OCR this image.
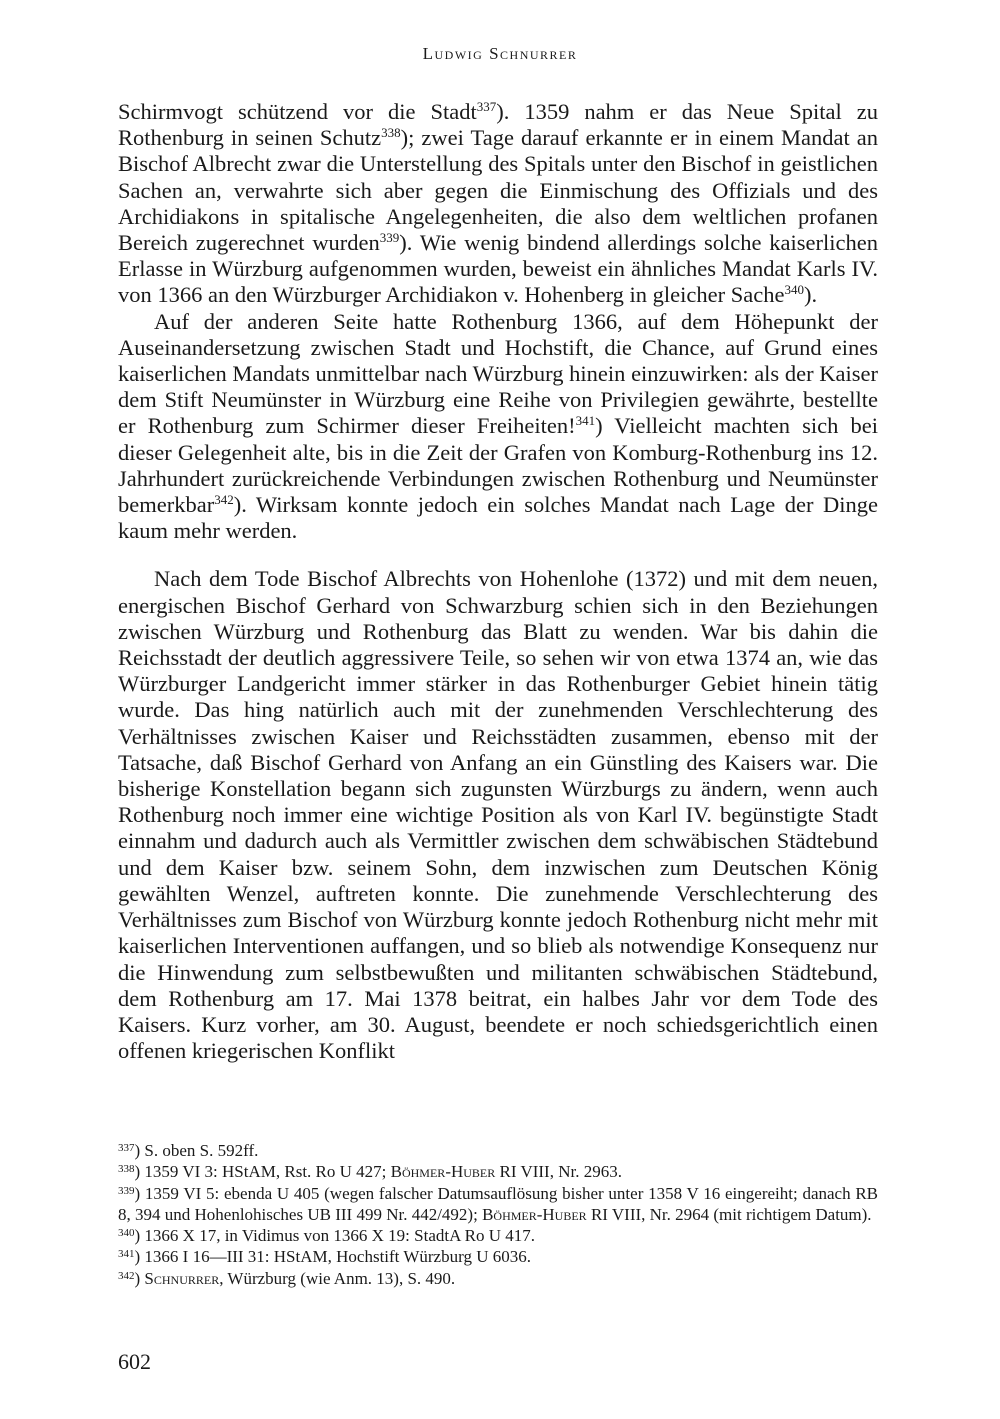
Ludwig Schnurrer

Schirmvogt schützend vor die Stadt$^{337}$). 1359 nahm er das Neue Spital zu Rothenburg in seinen Schutz$^{338}$); zwei Tage darauf erkannte er in einem Mandat an Bischof Albrecht zwar die Unterstellung des Spitals unter den Bischof in geistlichen Sachen an, verwahrte sich aber gegen die Einmischung des Offizials und des Archidiakons in spitalische Angelegenheiten, die also dem weltlichen profanen Bereich zugerechnet wurden$^{339}$). Wie wenig bindend allerdings solche kaiserlichen Erlasse in Würzburg aufgenommen wurden, beweist ein ähnliches Mandat Karls IV. von 1366 an den Würzburger Archidiakon v. Hohenberg in gleicher Sache$^{340}$).

Auf der anderen Seite hatte Rothenburg 1366, auf dem Höhepunkt der Auseinandersetzung zwischen Stadt und Hochstift, die Chance, auf Grund eines kaiserlichen Mandats unmittelbar nach Würzburg hinein einzuwirken: als der Kaiser dem Stift Neumünster in Würzburg eine Reihe von Privilegien gewährte, bestellte er Rothenburg zum Schirmer dieser Freiheiten!$^{341}$) Vielleicht machten sich bei dieser Gelegenheit alte, bis in die Zeit der Grafen von Komburg-Rothenburg ins 12. Jahrhundert zurückreichende Verbindungen zwischen Rothenburg und Neumünster bemerkbar$^{342}$). Wirksam konnte jedoch ein solches Mandat nach Lage der Dinge kaum mehr werden.

Nach dem Tode Bischof Albrechts von Hohenlohe (1372) und mit dem neuen, energischen Bischof Gerhard von Schwarzburg schien sich in den Beziehungen zwischen Würzburg und Rothenburg das Blatt zu wenden. War bis dahin die Reichsstadt der deutlich aggressivere Teile, so sehen wir von etwa 1374 an, wie das Würzburger Landgericht immer stärker in das Rothenburger Gebiet hinein tätig wurde. Das hing natürlich auch mit der zunehmenden Verschlechterung des Verhältnisses zwischen Kaiser und Reichsstädten zusammen, ebenso mit der Tatsache, daß Bischof Gerhard von Anfang an ein Günstling des Kaisers war. Die bisherige Konstellation begann sich zugunsten Würzburgs zu ändern, wenn auch Rothenburg noch immer eine wichtige Position als von Karl IV. begünstigte Stadt einnahm und dadurch auch als Vermittler zwischen dem schwäbischen Städtebund und dem Kaiser bzw. seinem Sohn, dem inzwischen zum Deutschen König gewählten Wenzel, auftreten konnte. Die zunehmende Verschlechterung des Verhältnisses zum Bischof von Würzburg konnte jedoch Rothenburg nicht mehr mit kaiserlichen Interventionen auffangen, und so blieb als notwendige Konsequenz nur die Hinwendung zum selbstbewußten und militanten schwäbischen Städtebund, dem Rothenburg am 17. Mai 1378 beitrat, ein halbes Jahr vor dem Tode des Kaisers. Kurz vorher, am 30. August, beendete er noch schiedsgerichtlich einen offenen kriegerischen Konflikt

$^{337}$) S. oben S. 592ff.

$^{338}$) 1359 VI 3: HStAM, Rst. Ro U 427; Böhmer-Huber RI VIII, Nr. 2963.

$^{339}$) 1359 VI 5: ebenda U 405 (wegen falscher Datumsauflösung bisher unter 1358 V 16 eingereiht; danach RB 8, 394 und Hohenlohisches UB III 499 Nr. 442/492); Böhmer-Huber RI VIII, Nr. 2964 (mit richtigem Datum).

$^{340}$) 1366 X 17, in Vidimus von 1366 X 19: StadtA Ro U 417.

$^{341}$) 1366 I 16—III 31: HStAM, Hochstift Würzburg U 6036.

$^{342}$) Schnurrer, Würzburg (wie Anm. 13), S. 490.

602
